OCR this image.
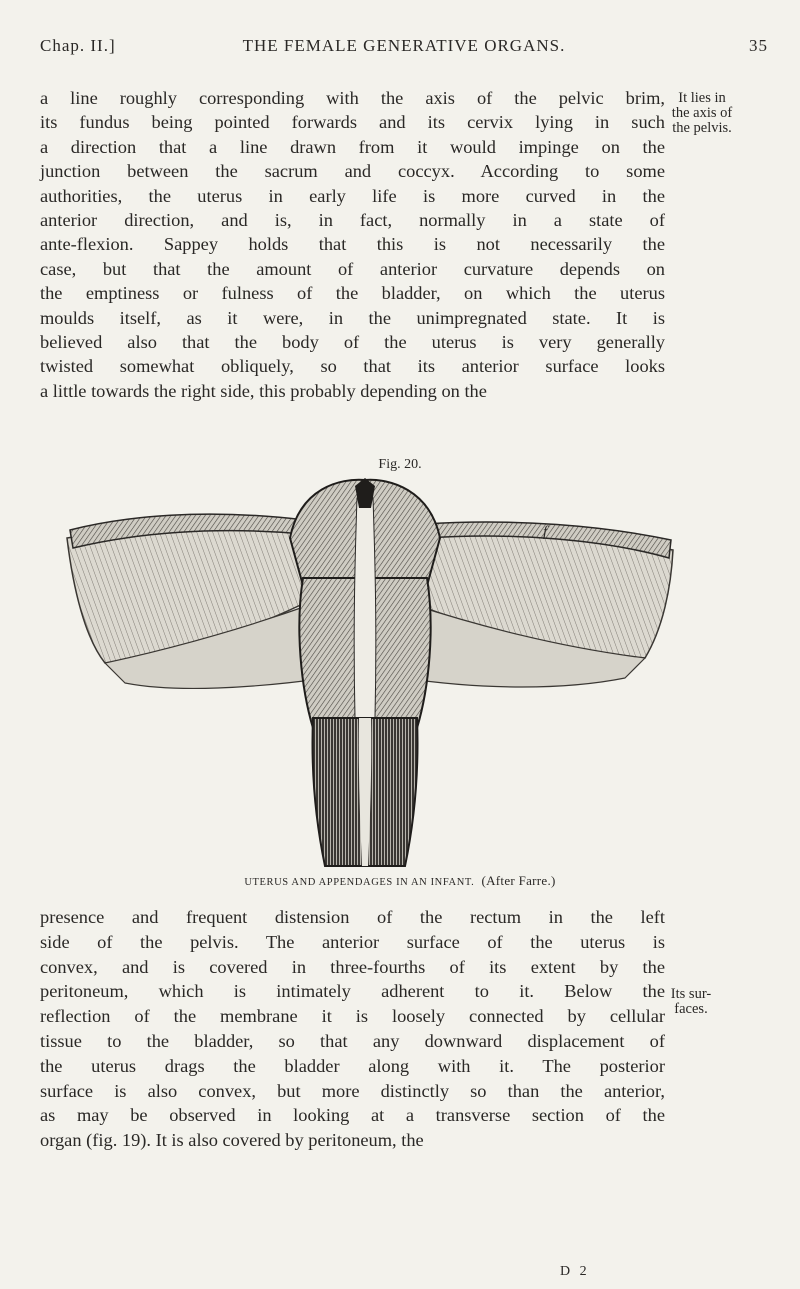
Chap. II.]	THE FEMALE GENERATIVE ORGANS.	35
a line roughly corresponding with the axis of the pelvic brim,
its fundus being pointed forwards and its cervix lying in such
a direction that a line drawn from it would impinge on the
junction between the sacrum and coccyx. According to some
authorities, the uterus in early life is more curved in the
anterior direction, and is, in fact, normally in a state of
ante-flexion. Sappey holds that this is not necessarily the
case, but that the amount of anterior curvature depends on
the emptiness or fulness of the bladder, on which the uterus
moulds itself, as it were, in the unimpregnated state. It is
believed also that the body of the uterus is very generally
twisted somewhat obliquely, so that its anterior surface looks
a little towards the right side, this probably depending on the
It lies in
the axis of
the pelvis.
Fig. 20.
f
UTERUS AND APPENDAGES IN AN INFANT. (After Farre.)
presence and frequent distension of the rectum in the left
side of the pelvis. The anterior surface of the uterus is
convex, and is covered in three-fourths of its extent by the
peritoneum, which is intimately adherent to it. Below the
reflection of the membrane it is loosely connected by cellular
tissue to the bladder, so that any downward displacement of
the uterus drags the bladder along with it. The posterior
surface is also convex, but more distinctly so than the anterior,
as may be observed in looking at a transverse section of the
organ (fig. 19). It is also covered by peritoneum, the
Its sur-
faces.
D 2
